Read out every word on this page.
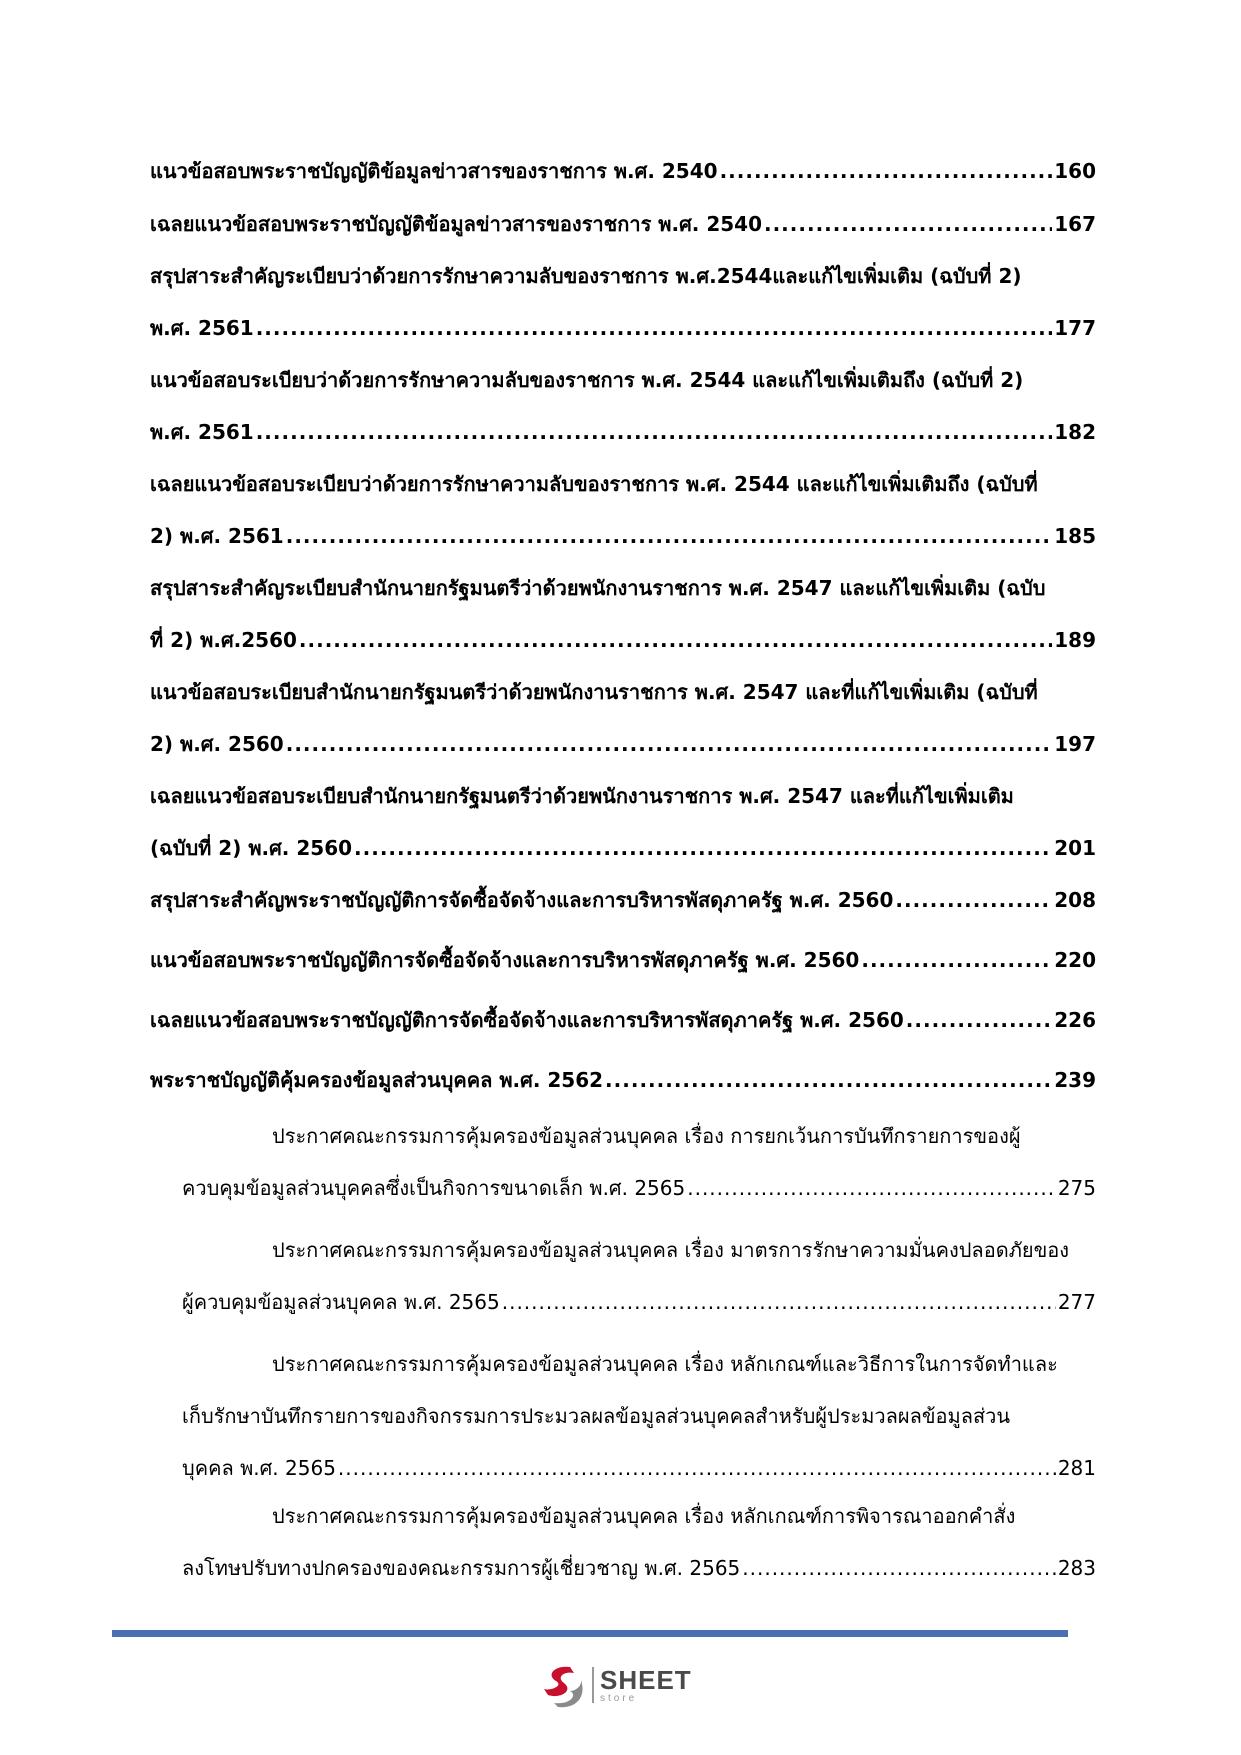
แนวข้อสอบพระราชบัญญัติข้อมูลข่าวสารของราชการ พ.ศ. 2540 .....	160
เฉลยแนวข้อสอบพระราชบัญญัติข้อมูลข่าวสารของราชการ พ.ศ. 2540 .....	167
สรุปสาระสำคัญระเบียบว่าด้วยการรักษาความลับของราชการ พ.ศ.2544และแก้ไขเพิ่มเติม (ฉบับที่ 2)
พ.ศ. 2561 .....	177
แนวข้อสอบระเบียบว่าด้วยการรักษาความลับของราชการ พ.ศ. 2544 และแก้ไขเพิ่มเติมถึง (ฉบับที่ 2)
พ.ศ. 2561 .....	182
เฉลยแนวข้อสอบระเบียบว่าด้วยการรักษาความลับของราชการ พ.ศ. 2544 และแก้ไขเพิ่มเติมถึง (ฉบับที่
2) พ.ศ. 2561 .....	185
สรุปสาระสำคัญระเบียบสำนักนายกรัฐมนตรีว่าด้วยพนักงานราชการ พ.ศ. 2547 และแก้ไขเพิ่มเติม (ฉบับ
ที่ 2) พ.ศ.2560 .....	189
แนวข้อสอบระเบียบสำนักนายกรัฐมนตรีว่าด้วยพนักงานราชการ พ.ศ. 2547 และที่แก้ไขเพิ่มเติม (ฉบับที่
2) พ.ศ. 2560 .....	197
เฉลยแนวข้อสอบระเบียบสำนักนายกรัฐมนตรีว่าด้วยพนักงานราชการ พ.ศ. 2547 และที่แก้ไขเพิ่มเติม
(ฉบับที่ 2) พ.ศ. 2560 .....	201
สรุปสาระสำคัญพระราชบัญญัติการจัดซื้อจัดจ้างและการบริหารพัสดุภาครัฐ พ.ศ. 2560 .....	208
แนวข้อสอบพระราชบัญญัติการจัดซื้อจัดจ้างและการบริหารพัสดุภาครัฐ พ.ศ. 2560 .....	220
เฉลยแนวข้อสอบพระราชบัญญัติการจัดซื้อจัดจ้างและการบริหารพัสดุภาครัฐ พ.ศ. 2560 .....	226
พระราชบัญญัติคุ้มครองข้อมูลส่วนบุคคล พ.ศ. 2562 .....	239
ประกาศคณะกรรมการคุ้มครองข้อมูลส่วนบุคคล เรื่อง การยกเว้นการบันทึกรายการของผู้
ควบคุมข้อมูลส่วนบุคคลซึ่งเป็นกิจการขนาดเล็ก พ.ศ. 2565 .....	275
ประกาศคณะกรรมการคุ้มครองข้อมูลส่วนบุคคล เรื่อง มาตรการรักษาความมั่นคงปลอดภัยของ
ผู้ควบคุมข้อมูลส่วนบุคคล พ.ศ. 2565 .....	277
ประกาศคณะกรรมการคุ้มครองข้อมูลส่วนบุคคล เรื่อง หลักเกณฑ์และวิธีการในการจัดทำและ
เก็บรักษาบันทึกรายการของกิจกรรมการประมวลผลข้อมูลส่วนบุคคลสำหรับผู้ประมวลผลข้อมูลส่วน
บุคคล พ.ศ. 2565 .....	281
ประกาศคณะกรรมการคุ้มครองข้อมูลส่วนบุคคล เรื่อง หลักเกณฑ์การพิจารณาออกคำสั่ง
ลงโทษปรับทางปกครองของคณะกรรมการผู้เชี่ยวชาญ พ.ศ. 2565 .....	283
SHEET
store
